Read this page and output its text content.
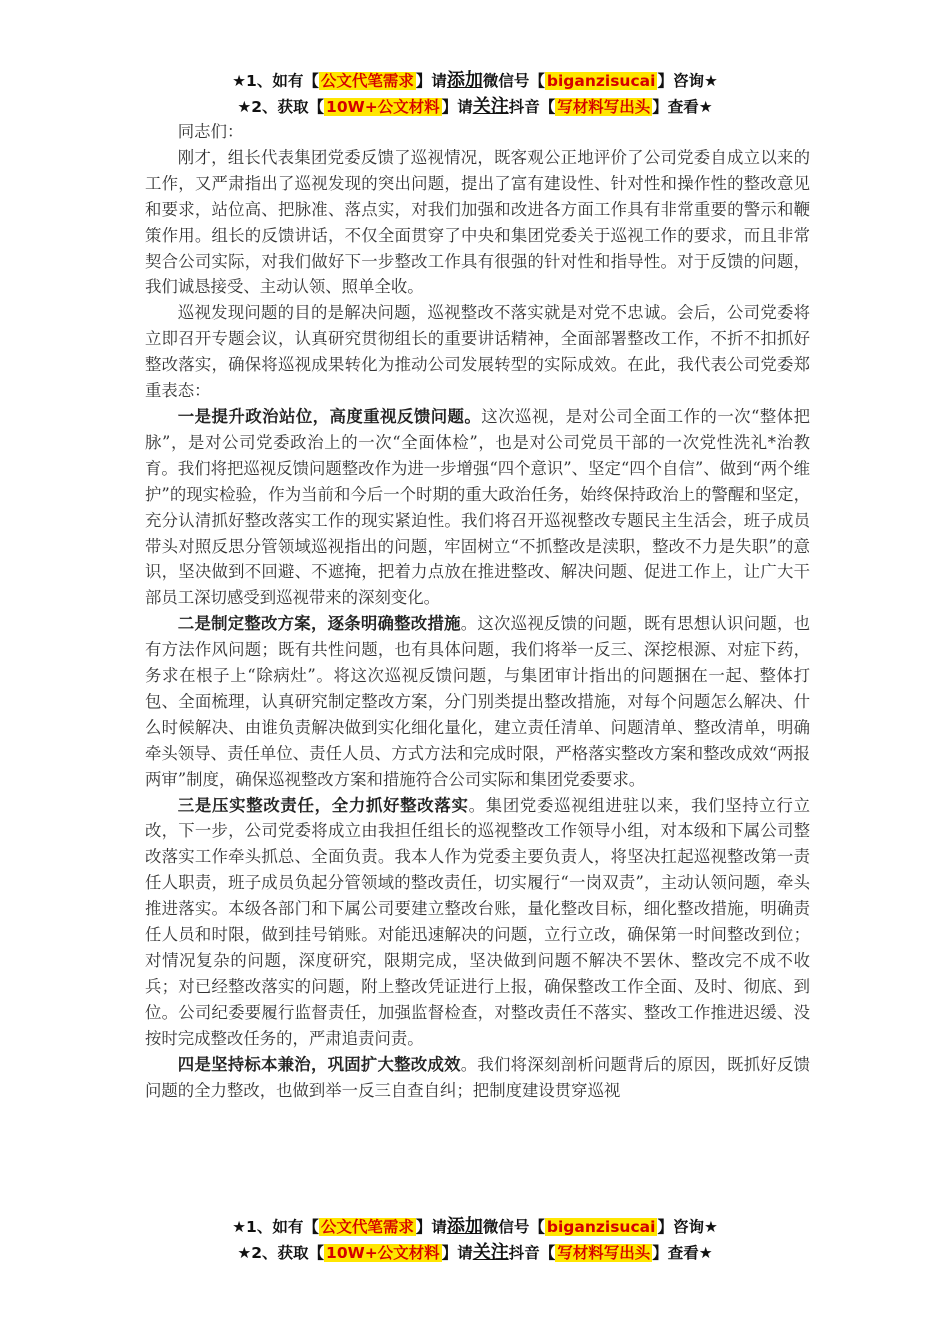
★1、如有【 公文代笔需求 】请添加微信号【 biganzisucai 】咨询★
★2、获取【 10W+公文材料 】请关注抖音【 写材料写出头 】查看★

同志们：

刚才，组长代表集团党委反馈了巡视情况，既客观公正地评价了公司党委自成立以来的工作，又严肃指出了巡视发现的突出问题，提出了富有建设性、针对性和操作性的整改意见和要求，站位高、把脉准、落点实，对我们加强和改进各方面工作具有非常重要的警示和鞭策作用。组长的反馈讲话，不仅全面贯穿了中央和集团党委关于巡视工作的要求，而且非常契合公司实际，对我们做好下一步整改工作具有很强的针对性和指导性。对于反馈的问题，我们诚恳接受、主动认领、照单全收。

巡视发现问题的目的是解决问题，巡视整改不落实就是对党不忠诚。会后，公司党委将立即召开专题会议，认真研究贯彻组长的重要讲话精神，全面部署整改工作，不折不扣抓好整改落实，确保将巡视成果转化为推动公司发展转型的实际成效。在此，我代表公司党委郑重表态：

一是提升政治站位，高度重视反馈问题。这次巡视，是对公司全面工作的一次“整体把脉”，是对公司党委政治上的一次“全面体检”，也是对公司党员干部的一次党性洗礼*治教育。我们将把巡视反馈问题整改作为进一步增强“四个意识”、坚定“四个自信”、做到“两个维护”的现实检验，作为当前和今后一个时期的重大政治任务，始终保持政治上的警醒和坚定，充分认清抓好整改落实工作的现实紧迫性。我们将召开巡视整改专题民主生活会，班子成员带头对照反思分管领域巡视指出的问题，牢固树立“不抓整改是渎职，整改不力是失职”的意识，坚决做到不回避、不遮掩，把着力点放在推进整改、解决问题、促进工作上，让广大干部员工深切感受到巡视带来的深刻变化。

二是制定整改方案，逐条明确整改措施。这次巡视反馈的问题，既有思想认识问题，也有方法作风问题；既有共性问题，也有具体问题，我们将举一反三、深挖根源、对症下药，务求在根子上“除病灶”。将这次巡视反馈问题，与集团审计指出的问题捆在一起、整体打包、全面梳理，认真研究制定整改方案，分门别类提出整改措施，对每个问题怎么解决、什么时候解决、由谁负责解决做到实化细化量化，建立责任清单、问题清单、整改清单，明确牵头领导、责任单位、责任人员、方式方法和完成时限，严格落实整改方案和整改成效“两报两审”制度，确保巡视整改方案和措施符合公司实际和集团党委要求。

三是压实整改责任，全力抓好整改落实。集团党委巡视组进驻以来，我们坚持立行立改，下一步，公司党委将成立由我担任组长的巡视整改工作领导小组，对本级和下属公司整改落实工作牵头抓总、全面负责。我本人作为党委主要负责人，将坚决扛起巡视整改第一责任人职责，班子成员负起分管领域的整改责任，切实履行“一岗双责”，主动认领问题，牵头推进落实。本级各部门和下属公司要建立整改台账，量化整改目标，细化整改措施，明确责任人员和时限，做到挂号销账。对能迅速解决的问题，立行立改，确保第一时间整改到位；对情况复杂的问题，深度研究，限期完成，坚决做到问题不解决不罢休、整改完不成不收兵；对已经整改落实的问题，附上整改凭证进行上报，确保整改工作全面、及时、彻底、到位。公司纪委要履行监督责任，加强监督检查，对整改责任不落实、整改工作推进迟缓、没按时完成整改任务的，严肃追责问责。

四是坚持标本兼治，巩固扩大整改成效。我们将深刻剖析问题背后的原因，既抓好反馈问题的全力整改，也做到举一反三自查自纠；把制度建设贯穿巡视

★1、如有【 公文代笔需求 】请添加微信号【 biganzisucai 】咨询★
★2、获取【 10W+公文材料 】请关注抖音【 写材料写出头 】查看★
